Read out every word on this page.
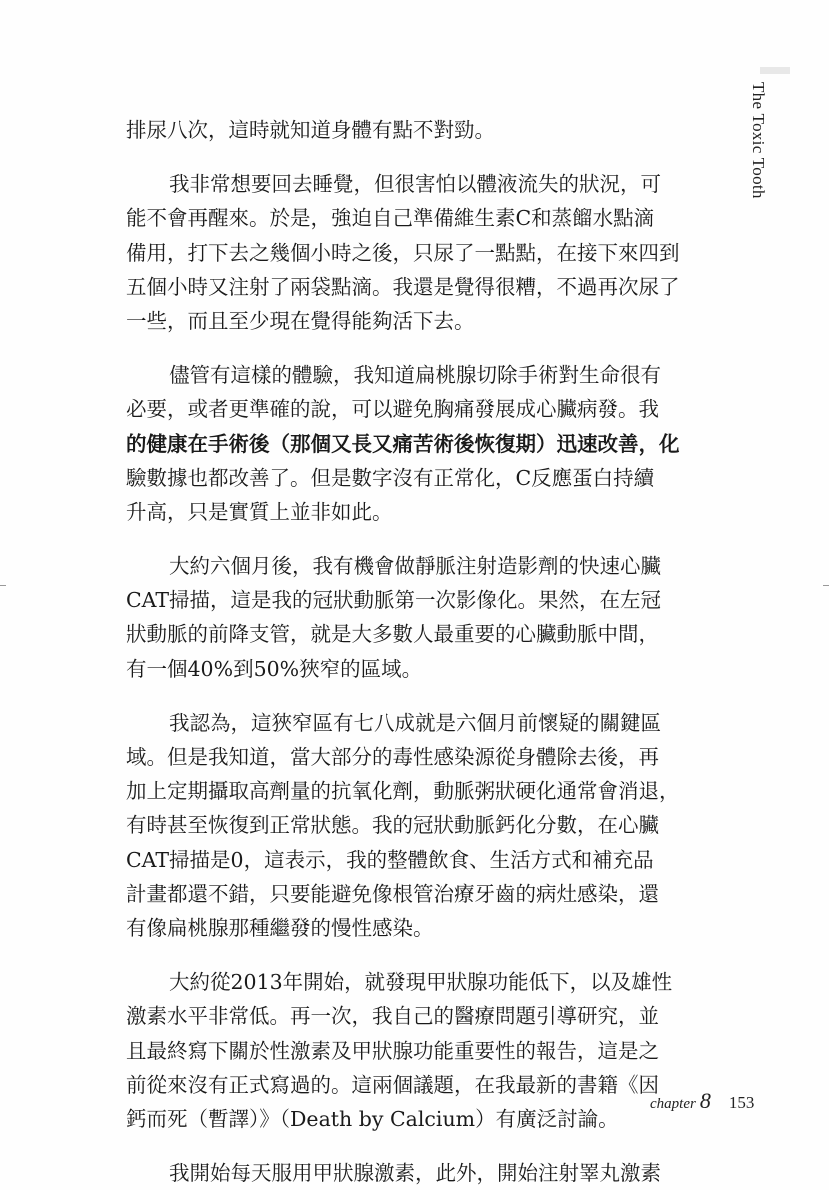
The Toxic Tooth
排尿八次，這時就知道身體有點不對勁。
我非常想要回去睡覺，但很害怕以體液流失的狀況，可
能不會再醒來。於是，強迫自己準備維生素C和蒸餾水點滴
備用，打下去之幾個小時之後，只尿了一點點，在接下來四到
五個小時又注射了兩袋點滴。我還是覺得很糟，不過再次尿了
一些，而且至少現在覺得能夠活下去。
儘管有這樣的體驗，我知道扁桃腺切除手術對生命很有
必要，或者更準確的說，可以避免胸痛發展成心臟病發。我
的健康在手術後（那個又長又痛苦術後恢復期）迅速改善，化
驗數據也都改善了。但是數字沒有正常化，C反應蛋白持續
升高，只是實質上並非如此。
大約六個月後，我有機會做靜脈注射造影劑的快速心臟
CAT掃描，這是我的冠狀動脈第一次影像化。果然，在左冠
狀動脈的前降支管，就是大多數人最重要的心臟動脈中間，
有一個40%到50%狹窄的區域。
我認為，這狹窄區有七八成就是六個月前懷疑的關鍵區
域。但是我知道，當大部分的毒性感染源從身體除去後，再
加上定期攝取高劑量的抗氧化劑，動脈粥狀硬化通常會消退，
有時甚至恢復到正常狀態。我的冠狀動脈鈣化分數，在心臟
CAT掃描是0，這表示，我的整體飲食、生活方式和補充品
計畫都還不錯，只要能避免像根管治療牙齒的病灶感染，還
有像扁桃腺那種繼發的慢性感染。
大約從2013年開始，就發現甲狀腺功能低下，以及雄性
激素水平非常低。再一次，我自己的醫療問題引導研究，並
且最終寫下關於性激素及甲狀腺功能重要性的報告，這是之
前從來沒有正式寫過的。這兩個議題，在我最新的書籍《因
鈣而死（暫譯）》（Death by Calcium）有廣泛討論。
我開始每天服用甲狀腺激素，此外，開始注射睪丸激素
chapter 8 153
